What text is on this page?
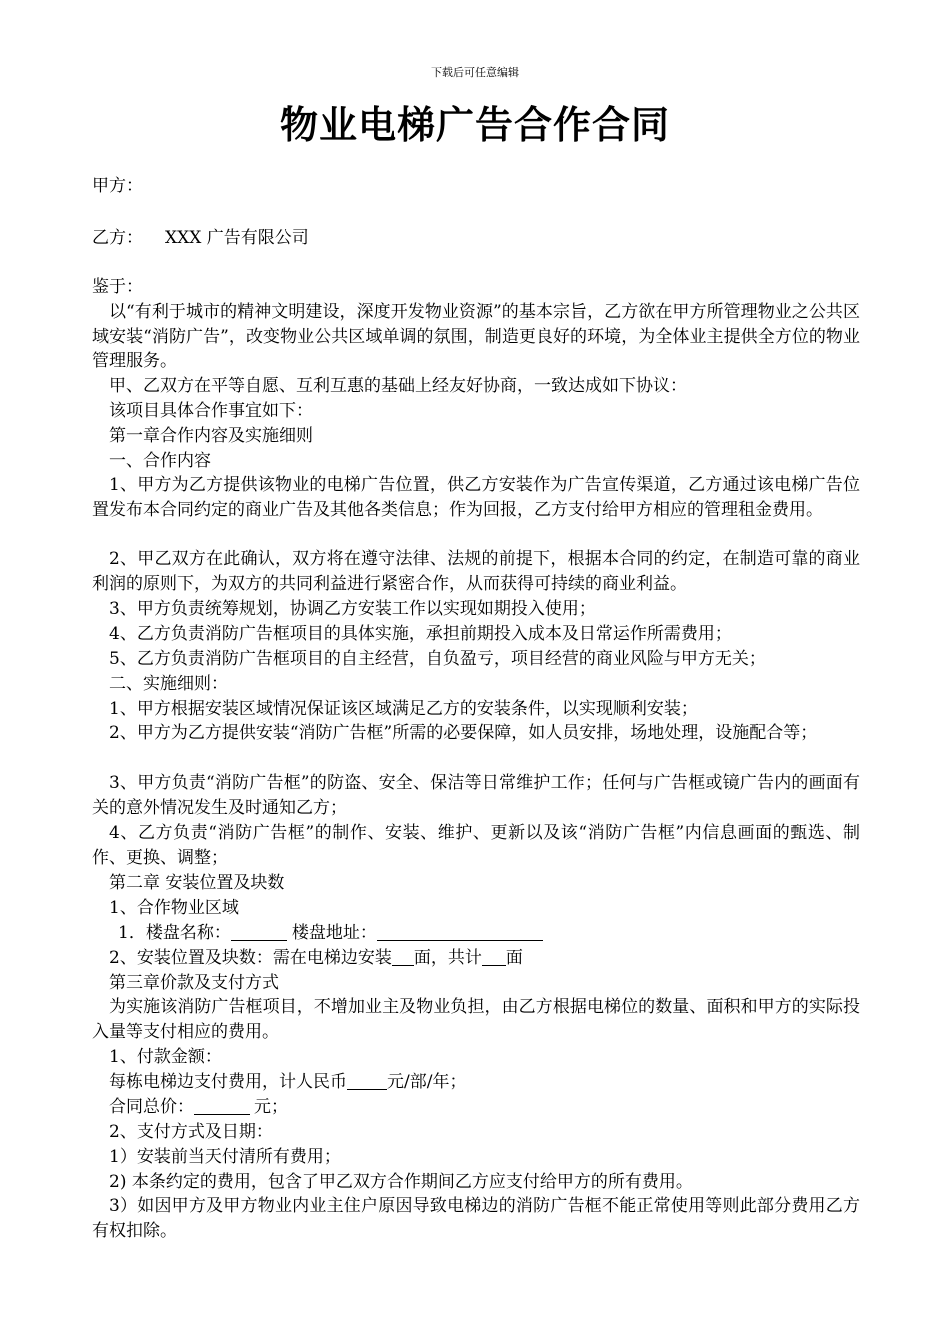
下载后可任意编辑
物业电梯广告合作合同
甲方：
乙方： XXX 广告有限公司
鉴于：
以“有利于城市的精神文明建设，深度开发物业资源”的基本宗旨，乙方欲在甲方所管理物业之公共区域安装“消防广告”，改变物业公共区域单调的氛围，制造更良好的环境，为全体业主提供全方位的物业管理服务。
甲、乙双方在平等自愿、互利互惠的基础上经友好协商，一致达成如下协议：
该项目具体合作事宜如下：
第一章合作内容及实施细则
一、合作内容
1、甲方为乙方提供该物业的电梯广告位置，供乙方安装作为广告宣传渠道，乙方通过该电梯广告位置发布本合同约定的商业广告及其他各类信息；作为回报，乙方支付给甲方相应的管理租金费用。
2、甲乙双方在此确认，双方将在遵守法律、法规的前提下，根据本合同的约定，在制造可靠的商业利润的原则下，为双方的共同利益进行紧密合作，从而获得可持续的商业利益。
3、甲方负责统筹规划，协调乙方安装工作以实现如期投入使用；
4、乙方负责消防广告框项目的具体实施，承担前期投入成本及日常运作所需费用；
5、乙方负责消防广告框项目的自主经营，自负盈亏，项目经营的商业风险与甲方无关；
二、实施细则：
1、甲方根据安装区域情况保证该区域满足乙方的安装条件，以实现顺利安装；
2、甲方为乙方提供安装“消防广告框”所需的必要保障，如人员安排，场地处理，设施配合等；
3、甲方负责“消防广告框”的防盗、安全、保洁等日常维护工作；任何与广告框或镜广告内的画面有关的意外情况发生及时通知乙方；
4、乙方负责“消防广告框”的制作、安装、维护、更新以及该“消防广告框”内信息画面的甄选、制作、更换、调整；
第二章 安装位置及块数
1、合作物业区域
1．楼盘名称：	楼盘地址：
2、安装位置及块数：需在电梯边安装 面，共计 面
第三章价款及支付方式
为实施该消防广告框项目，不增加业主及物业负担，由乙方根据电梯位的数量、面积和甲方的实际投入量等支付相应的费用。
1、付款金额：
每栋电梯边支付费用，计人民币 元/部/年；
合同总价：	元；
2、支付方式及日期：
1）安装前当天付清所有费用；
2) 本条约定的费用，包含了甲乙双方合作期间乙方应支付给甲方的所有费用。
3）如因甲方及甲方物业内业主住户原因导致电梯边的消防广告框不能正常使用等则此部分费用乙方有权扣除。
